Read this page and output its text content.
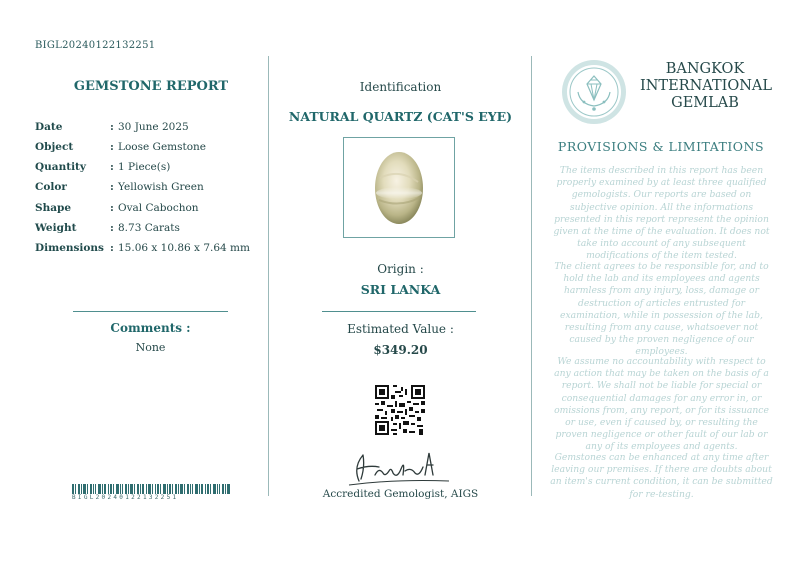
BIGL20240122132251
GEMSTONE REPORT
Date	: 30 June 2025
Object	: Loose Gemstone
Quantity : 1 Piece(s)
Color	: Yellowish Green
Shape	: Oval Cabochon
Weight	: 8.73 Carats
Dimensions : 15.06 x 10.86 x 7.64 mm
Comments :
None
BIGL20240122132251
Identification
NATURAL QUARTZ (CAT'S EYE)
Origin :
SRI LANKA
Estimated Value :
$349.20
Accredited Gemologist, AIGS
BANGKOK
INTERNATIONAL
GEMLAB
PROVISIONS & LIMITATIONS

The items described in this report has been properly examined by at least three qualified gemologists. Our reports are based on subjective opinion. All the informations presented in this report represent the opinion given at the time of the evaluation. It does not take into account of any subsequent modifications of the item tested.

The client agrees to be responsible for, and to hold the lab and its employees and agents harmless from any injury, loss, damage or destruction of articles entrusted for examination, while in possession of the lab, resulting from any cause, whatsoever not caused by the proven negligence of our employees.

We assume no accountability with respect to any action that may be taken on the basis of a report. We shall not be liable for special or consequential damages for any error in, or omissions from, any report, or for its issuance or use, even if caused by, or resulting the proven negligence or other fault of our lab or any of its employees and agents.

Gemstones can be enhanced at any time after leaving our premises. If there are doubts about an item's current condition, it can be submitted for re-testing.
